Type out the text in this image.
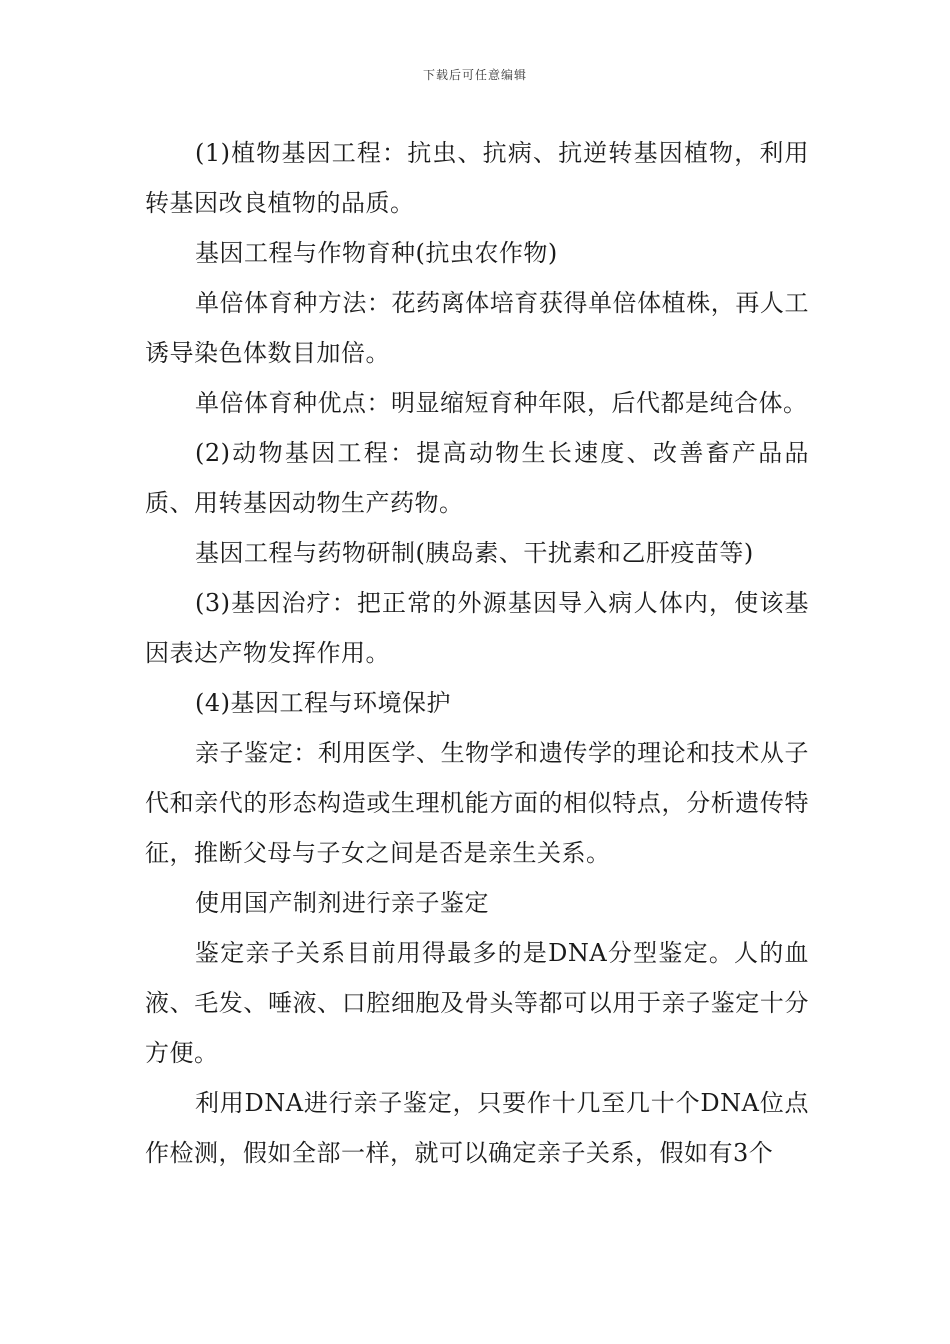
下载后可任意编辑

(1)植物基因工程：抗虫、抗病、抗逆转基因植物，利用转基因改良植物的品质。

基因工程与作物育种(抗虫农作物)

单倍体育种方法：花药离体培育获得单倍体植株，再人工诱导染色体数目加倍。

单倍体育种优点：明显缩短育种年限，后代都是纯合体。

(2)动物基因工程：提高动物生长速度、改善畜产品品质、用转基因动物生产药物。

基因工程与药物研制(胰岛素、干扰素和乙肝疫苗等)

(3)基因治疗：把正常的外源基因导入病人体内，使该基因表达产物发挥作用。

(4)基因工程与环境保护

亲子鉴定：利用医学、生物学和遗传学的理论和技术从子代和亲代的形态构造或生理机能方面的相似特点，分析遗传特征，推断父母与子女之间是否是亲生关系。

使用国产制剂进行亲子鉴定

鉴定亲子关系目前用得最多的是DNA分型鉴定。人的血液、毛发、唾液、口腔细胞及骨头等都可以用于亲子鉴定十分方便。

利用DNA进行亲子鉴定，只要作十几至几十个DNA位点作检测，假如全部一样，就可以确定亲子关系，假如有3个
